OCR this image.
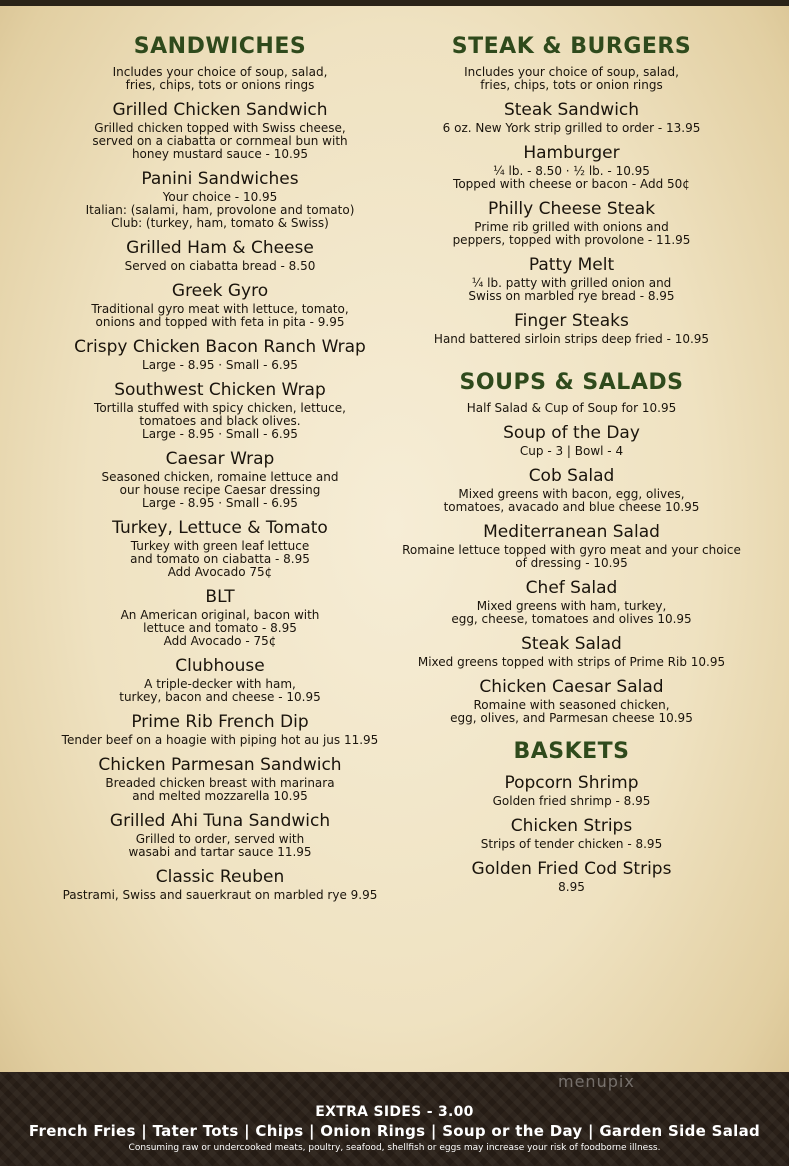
SANDWICHES
Includes your choice of soup, salad,
fries, chips, tots or onions rings
Grilled Chicken Sandwich
Grilled chicken topped with Swiss cheese,
served on a ciabatta or cornmeal bun with
honey mustard sauce - 10.95
Panini Sandwiches
Your choice - 10.95
Italian: (salami, ham, provolone and tomato)
Club: (turkey, ham, tomato & Swiss)
Grilled Ham & Cheese
Served on ciabatta bread - 8.50
Greek Gyro
Traditional gyro meat with lettuce, tomato,
onions and topped with feta in pita - 9.95
Crispy Chicken Bacon Ranch Wrap
Large - 8.95 · Small - 6.95
Southwest Chicken Wrap
Tortilla stuffed with spicy chicken, lettuce,
tomatoes and black olives.
Large - 8.95 · Small - 6.95
Caesar Wrap
Seasoned chicken, romaine lettuce and
our house recipe Caesar dressing
Large - 8.95 · Small - 6.95
Turkey, Lettuce & Tomato
Turkey with green leaf lettuce
and tomato on ciabatta - 8.95
Add Avocado 75¢
BLT
An American original, bacon with
lettuce and tomato - 8.95
Add Avocado - 75¢
Clubhouse
A triple-decker with ham,
turkey, bacon and cheese - 10.95
Prime Rib French Dip
Tender beef on a hoagie with piping hot au jus 11.95
Chicken Parmesan Sandwich
Breaded chicken breast with marinara
and melted mozzarella 10.95
Grilled Ahi Tuna Sandwich
Grilled to order, served with
wasabi and tartar sauce 11.95
Classic Reuben
Pastrami, Swiss and sauerkraut on marbled rye 9.95
STEAK & BURGERS
Includes your choice of soup, salad,
fries, chips, tots or onion rings
Steak Sandwich
6 oz. New York strip grilled to order - 13.95
Hamburger
¼ lb. - 8.50 · ½ lb. - 10.95
Topped with cheese or bacon - Add 50¢
Philly Cheese Steak
Prime rib grilled with onions and
peppers, topped with provolone - 11.95
Patty Melt
¼ lb. patty with grilled onion and
Swiss on marbled rye bread - 8.95
Finger Steaks
Hand battered sirloin strips deep fried - 10.95
SOUPS & SALADS
Half Salad & Cup of Soup for 10.95
Soup of the Day
Cup - 3 | Bowl - 4
Cob Salad
Mixed greens with bacon, egg, olives,
tomatoes, avacado and blue cheese 10.95
Mediterranean Salad
Romaine lettuce topped with gyro meat and your choice
of dressing - 10.95
Chef Salad
Mixed greens with ham, turkey,
egg, cheese, tomatoes and olives 10.95
Steak Salad
Mixed greens topped with strips of Prime Rib 10.95
Chicken Caesar Salad
Romaine with seasoned chicken,
egg, olives, and Parmesan cheese 10.95
BASKETS
Popcorn Shrimp
Golden fried shrimp - 8.95
Chicken Strips
Strips of tender chicken - 8.95
Golden Fried Cod Strips
8.95
EXTRA SIDES - 3.00
French Fries | Tater Tots | Chips | Onion Rings | Soup or the Day | Garden Side Salad
Consuming raw or undercooked meats, poultry, seafood, shellfish or eggs may increase your risk of foodborne illness.
menupix
